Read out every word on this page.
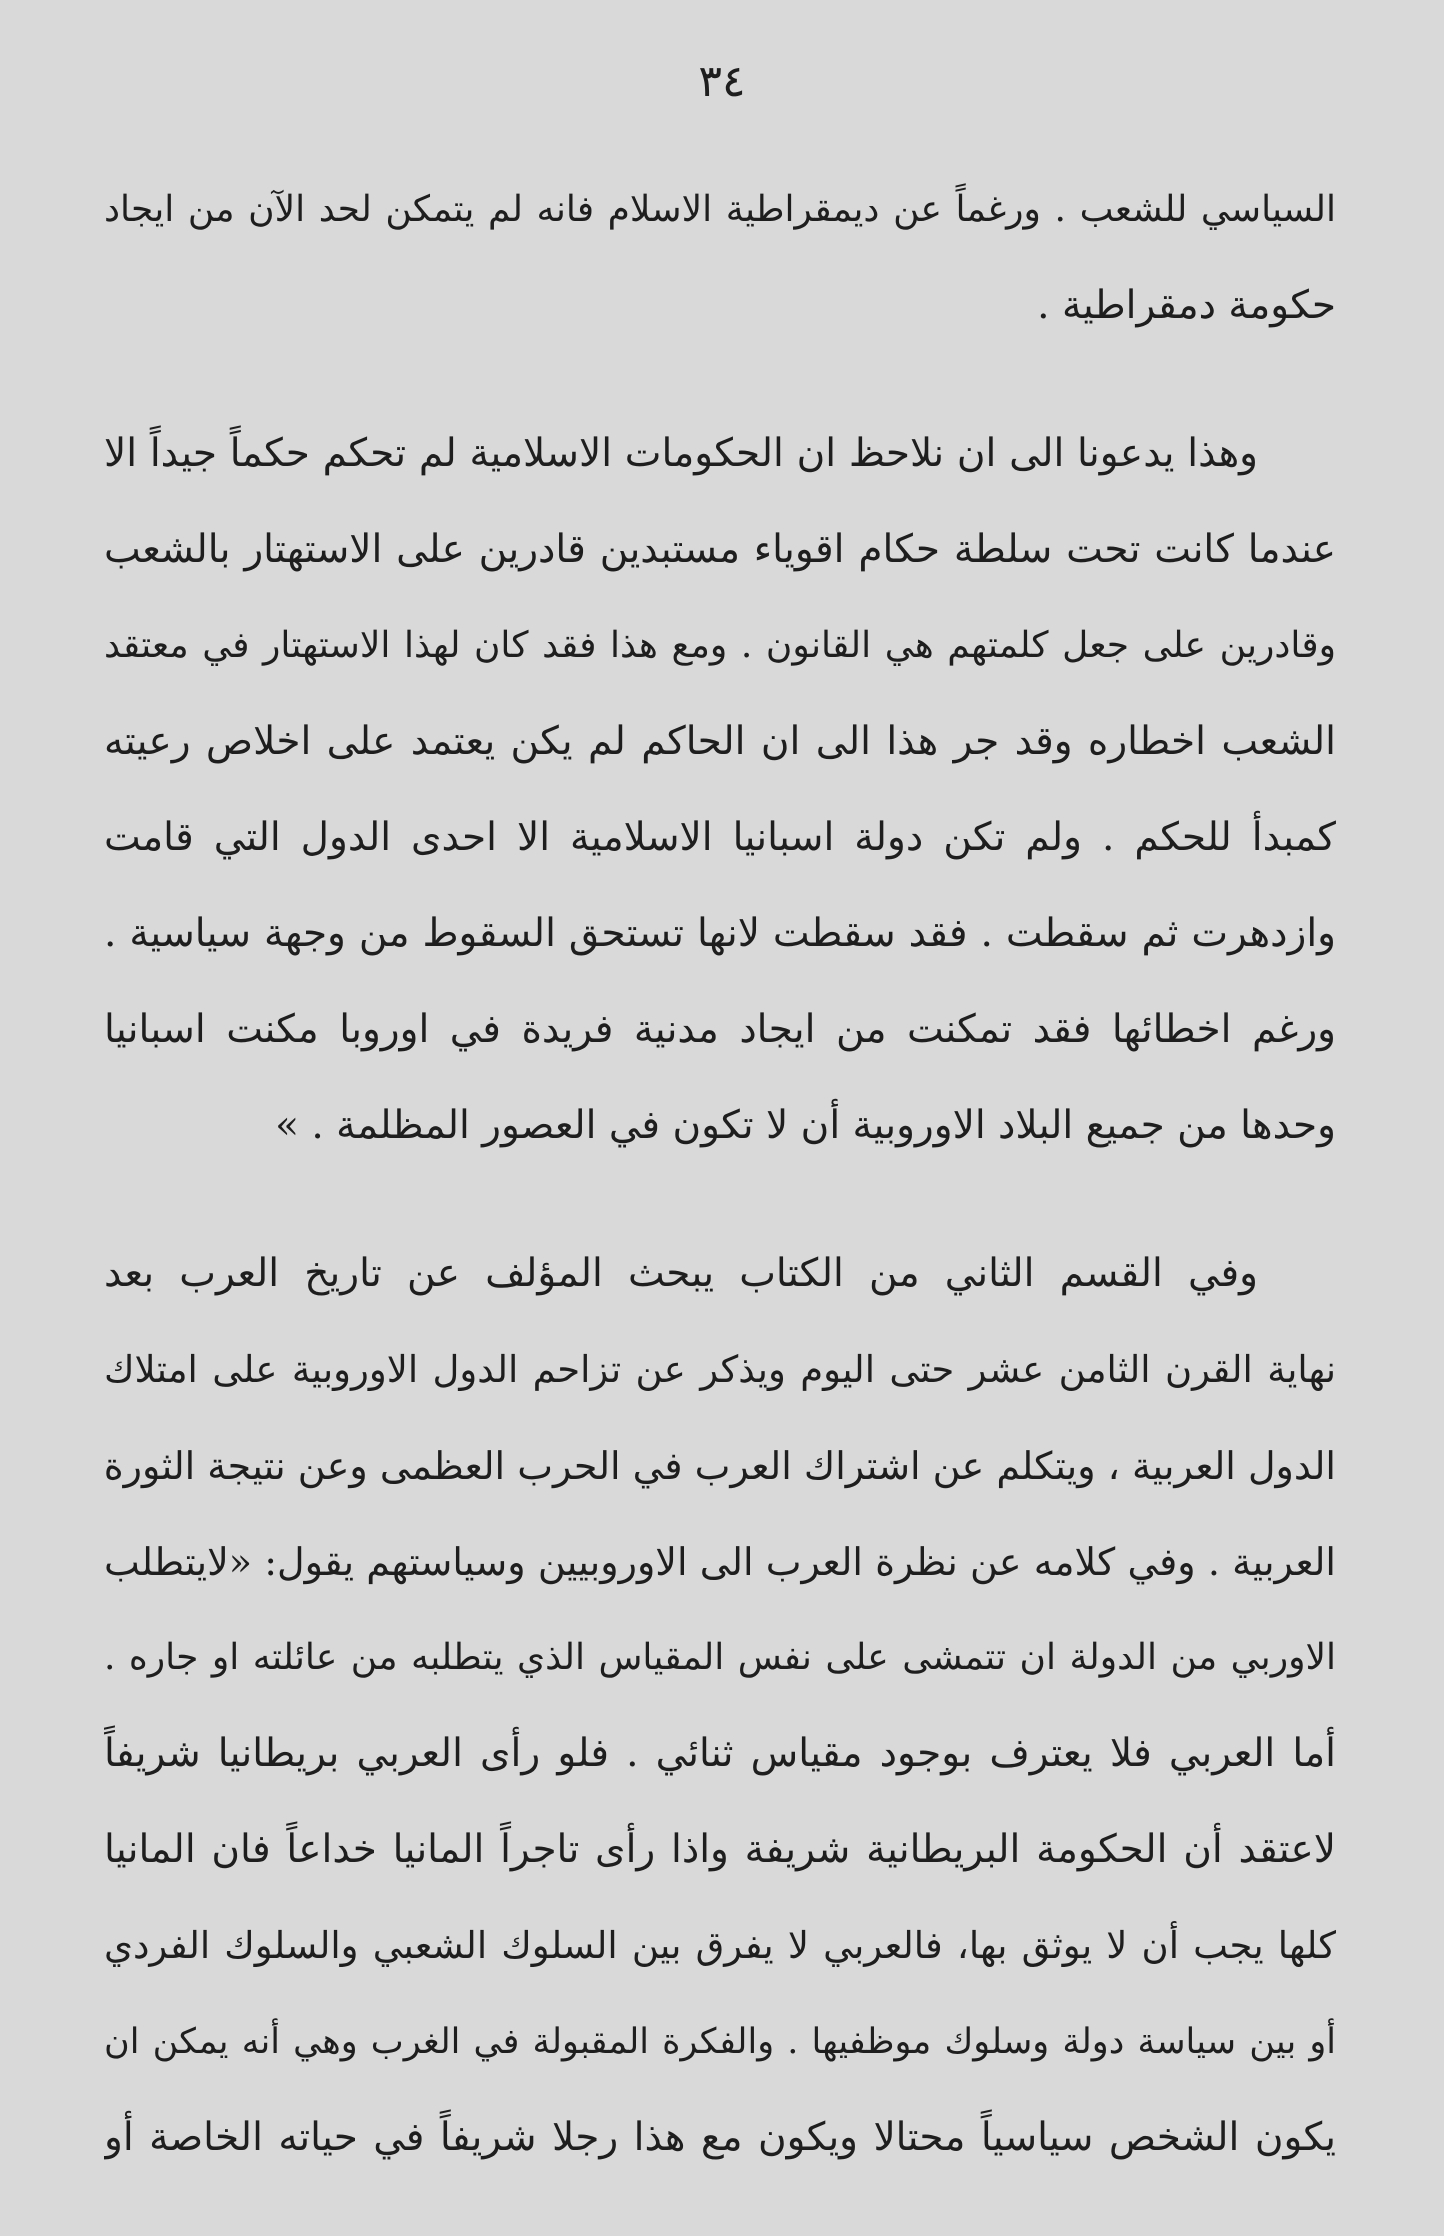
٣٤
السياسي للشعب . ورغماً عن ديمقراطية الاسلام فانه لم يتمكن لحد الآن من ايجاد
حكومة دمقراطية .
وهذا يدعونا الى ان نلاحظ ان الحكومات الاسلامية لم تحكم حكماً جيداً الا
عندما كانت تحت سلطة حكام اقوياء مستبدين قادرين على الاستهتار بالشعب
وقادرين على جعل كلمتهم هي القانون . ومع هذا فقد كان لهذا الاستهتار في معتقد
الشعب اخطاره وقد جر هذا الى ان الحاكم لم يكن يعتمد على اخلاص رعيته
كمبدأ للحكم . ولم تكن دولة اسبانيا الاسلامية الا احدى الدول التي قامت
وازدهرت ثم سقطت . فقد سقطت لانها تستحق السقوط من وجهة سياسية .
ورغم اخطائها فقد تمكنت من ايجاد مدنية فريدة في اوروبا مكنت اسبانيا
وحدها من جميع البلاد الاوروبية أن لا تكون في العصور المظلمة . »
وفي القسم الثاني من الكتاب يبحث المؤلف عن تاريخ العرب بعد
نهاية القرن الثامن عشر حتى اليوم ويذكر عن تزاحم الدول الاوروبية على امتلاك
الدول العربية ، ويتكلم عن اشتراك العرب في الحرب العظمى وعن نتيجة الثورة
العربية . وفي كلامه عن نظرة العرب الى الاوروبيين وسياستهم يقول: «لايتطلب
الاوربي من الدولة ان تتمشى على نفس المقياس الذي يتطلبه من عائلته او جاره .
أما العربي فلا يعترف بوجود مقياس ثنائي . فلو رأى العربي بريطانيا شريفاً
لاعتقد أن الحكومة البريطانية شريفة واذا رأى تاجراً المانيا خداعاً فان المانيا
كلها يجب أن لا يوثق بها، فالعربي لا يفرق بين السلوك الشعبي والسلوك الفردي
أو بين سياسة دولة وسلوك موظفيها . والفكرة المقبولة في الغرب وهي أنه يمكن ان
يكون الشخص سياسياً محتالا ويكون مع هذا رجلا شريفاً في حياته الخاصة أو
